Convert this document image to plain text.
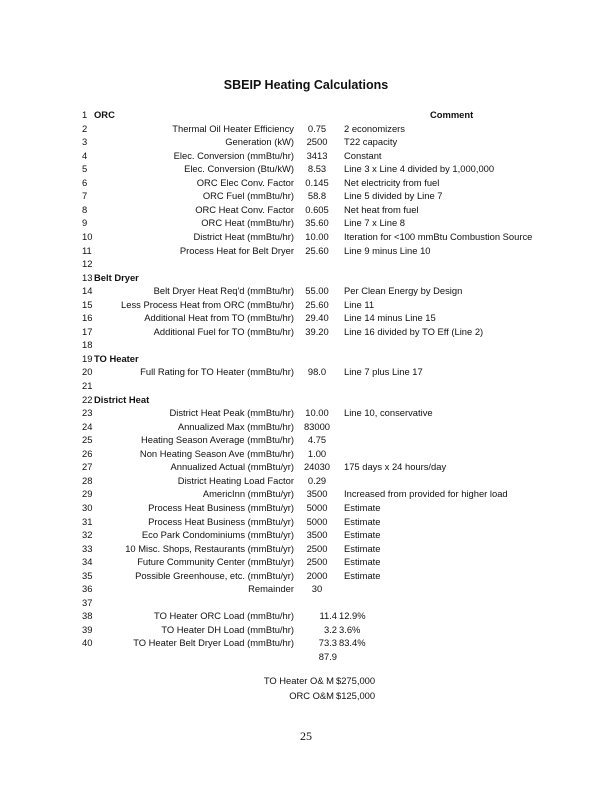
SBEIP Heating Calculations
1 ORC	Comment
2	Thermal Oil Heater Efficiency	0.75	2 economizers
3	Generation (kW)	2500	T22 capacity
4	Elec. Conversion (mmBtu/hr)	3413	Constant
5	Elec. Conversion (Btu/kW)	8.53	Line 3 x Line 4 divided by 1,000,000
6	ORC Elec Conv. Factor	0.145	Net electricity from fuel
7	ORC Fuel (mmBtu/hr)	58.8	Line 5 divided by Line 7
8	ORC Heat Conv. Factor	0.605	Net heat from fuel
9	ORC Heat (mmBtu/hr)	35.60	Line 7 x Line 8
10	District Heat (mmBtu/hr)	10.00	Iteration for <100 mmBtu Combustion Source
11	Process Heat for Belt Dryer	25.60	Line 9 minus Line 10
12
13 Belt Dryer
14	Belt Dryer Heat Req'd (mmBtu/hr)	55.00	Per Clean Energy by Design
15	Less Process Heat from ORC (mmBtu/hr)	25.60	Line 11
16	Additional Heat from TO (mmBtu/hr)	29.40	Line 14 minus Line 15
17	Additional Fuel for TO (mmBtu/hr)	39.20	Line 16 divided by TO Eff (Line 2)
18
19 TO Heater
20	Full Rating for TO Heater (mmBtu/hr)	98.0	Line 7 plus Line 17
21
22 District Heat
23	District Heat Peak (mmBtu/hr)	10.00	Line 10, conservative
24	Annualized Max (mmBtu/hr)	83000
25	Heating Season Average (mmBtu/hr)	4.75
26	Non Heating Season Ave (mmBtu/hr)	1.00
27	Annualized Actual (mmBtu/yr)	24030	175 days x 24 hours/day
28	District Heating Load Factor	0.29
29	AmericInn (mmBtu/yr)	3500	Increased from provided for higher load
30	Process Heat Business (mmBtu/yr)	5000	Estimate
31	Process Heat Business (mmBtu/yr)	5000	Estimate
32	Eco Park Condominiums (mmBtu/yr)	3500	Estimate
33	10 Misc. Shops, Restaurants (mmBtu/yr)	2500	Estimate
34	Future Community Center (mmBtu/yr)	2500	Estimate
35	Possible Greenhouse, etc. (mmBtu/yr)	2000	Estimate
36	Remainder	30
37
38	TO Heater ORC Load (mmBtu/hr)	11.4 12.9%
39	TO Heater DH Load (mmBtu/hr)	3.2 3.6%
40	TO Heater Belt Dryer Load (mmBtu/hr)	73.3 83.4%
87.9
TO Heater O& M $275,000
ORC O&M $125,000
25
